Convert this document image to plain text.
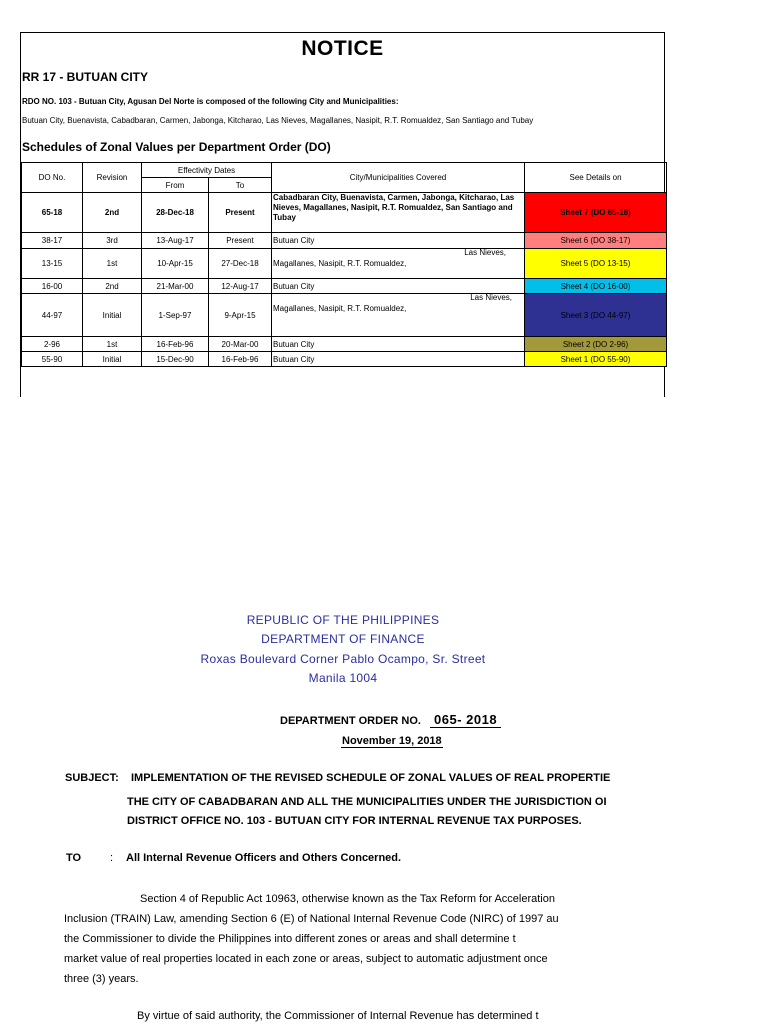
NOTICE
RR 17 - BUTUAN CITY
RDO NO. 103 - Butuan City, Agusan Del Norte is composed of the following City and Municipalities:
Butuan City, Buenavista, Cabadbaran, Carmen, Jabonga, Kitcharao, Las Nieves, Magallanes, Nasipit, R.T. Romualdez, San Santiago and Tubay
Schedules of Zonal Values per Department Order (DO)
DO No.	Revision	Effectivity Dates		City/Municipalities Covered	See Details on
		From	To		
65-18	2nd	28-Dec-18	Present	Cabadbaran City, Buenavista, Carmen, Jabonga, Kitcharao, Las Nieves, Magallanes, Nasipit, R.T. Romualdez, San Santiago and Tubay	Sheet 7 (DO 65-18)
38-17	3rd	13-Aug-17	Present	Butuan City	Sheet 6 (DO 38-17)
13-15	1st	10-Apr-15	27-Dec-18	Las Nieves,
Magallanes, Nasipit, R.T. Romualdez,	Sheet 5 (DO 13-15)
16-00	2nd	21-Mar-00	12-Aug-17	Butuan City	Sheet 4 (DO 16-00)
44-97	Initial	1-Sep-97	9-Apr-15	Las Nieves,
Magallanes, Nasipit, R.T. Romualdez,	Sheet 3 (DO 44-97)
2-96	1st	16-Feb-96	20-Mar-00	Butuan City	Sheet 2 (DO 2-96)
55-90	Initial	15-Dec-90	16-Feb-96	Butuan City	Sheet 1 (DO 55-90)
REPUBLIC OF THE PHILIPPINES
DEPARTMENT OF FINANCE
Roxas Boulevard Corner Pablo Ocampo, Sr. Street
Manila 1004
DEPARTMENT ORDER NO. 065- 2018
November 19, 2018
SUBJECT: IMPLEMENTATION OF THE REVISED SCHEDULE OF ZONAL VALUES OF REAL PROPERTIE
THE CITY OF CABADBARAN AND ALL THE MUNICIPALITIES UNDER THE JURISDICTION OI
DISTRICT OFFICE NO. 103 - BUTUAN CITY FOR INTERNAL REVENUE TAX PURPOSES.
TO	: All Internal Revenue Officers and Others Concerned.
Section 4 of Republic Act 10963, otherwise known as the Tax Reform for Acceleration
Inclusion (TRAIN) Law, amending Section 6 (E) of National Internal Revenue Code (NIRC) of 1997 au
the Commissioner to divide the Philippines into different zones or areas and shall determine t
market value of real properties located in each zone or areas, subject to automatic adjustment once
three (3) years.
By virtue of said authority, the Commissioner of Internal Revenue has determined t
